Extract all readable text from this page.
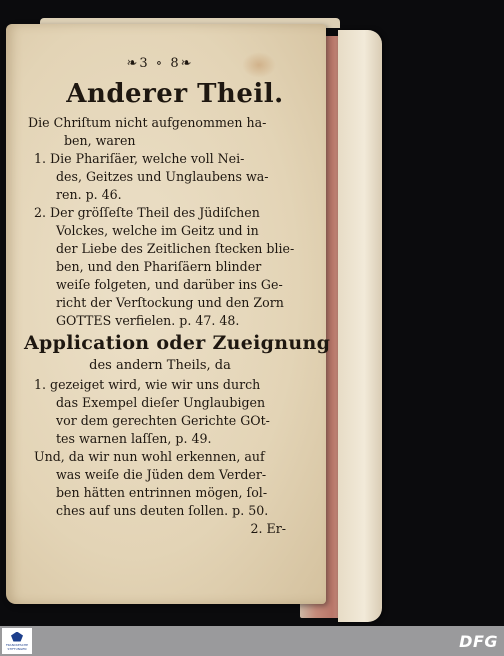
❧3 ∘ 8❧
Anderer Theil.
Die Chriſtum nicht aufgenommen ha-
ben, waren
1. Die Phariſäer, welche voll Nei-
des, Geitzes und Unglaubens wa-
ren. p. 46.
2. Der gröſſeſte Theil des Jüdiſchen
Volckes, welche im Geitz und in
der Liebe des Zeitlichen ſtecken blie-
ben, und den Phariſäern blinder
weiſe folgeten, und darüber ins Ge-
richt der Verſtockung und den Zorn
GOTTES verfielen. p. 47. 48.
Application oder Zueignung
des andern Theils, da
1. gezeiget wird, wie wir uns durch
das Exempel dieſer Unglaubigen
vor dem gerechten Gerichte GOt-
tes warnen laſſen, p. 49.
Und, da wir nun wohl erkennen, auf
was weiſe die Jüden dem Verder-
ben hätten entrinnen mögen, ſol-
ches auf uns deuten ſollen. p. 50.
2. Er-
FRANCKESCHE STIFTUNGEN	DFG
